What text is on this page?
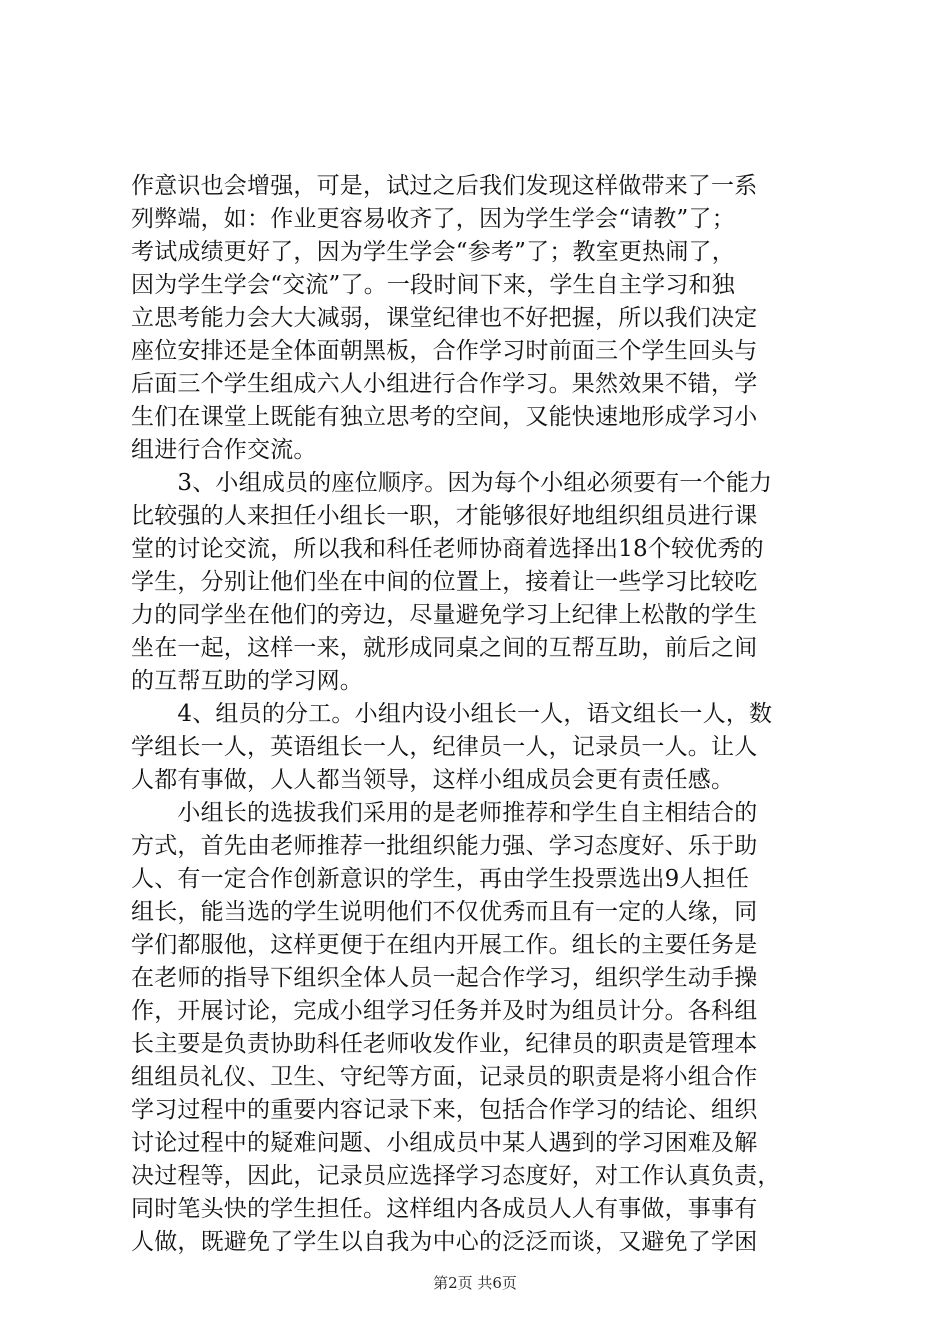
作意识也会增强，可是，试过之后我们发现这样做带来了一系
列弊端，如：作业更容易收齐了，因为学生学会“请教”了；
考试成绩更好了，因为学生学会“参考”了；教室更热闹了，
因为学生学会“交流”了。一段时间下来，学生自主学习和独
立思考能力会大大减弱，课堂纪律也不好把握，所以我们决定
座位安排还是全体面朝黑板，合作学习时前面三个学生回头与
后面三个学生组成六人小组进行合作学习。果然效果不错，学
生们在课堂上既能有独立思考的空间，又能快速地形成学习小
组进行合作交流。
　　3、小组成员的座位顺序。因为每个小组必须要有一个能力
比较强的人来担任小组长一职，才能够很好地组织组员进行课
堂的讨论交流，所以我和科任老师协商着选择出18个较优秀的
学生，分别让他们坐在中间的位置上，接着让一些学习比较吃
力的同学坐在他们的旁边，尽量避免学习上纪律上松散的学生
坐在一起，这样一来，就形成同桌之间的互帮互助，前后之间
的互帮互助的学习网。
　　4、组员的分工。小组内设小组长一人，语文组长一人，数
学组长一人，英语组长一人，纪律员一人，记录员一人。让人
人都有事做，人人都当领导，这样小组成员会更有责任感。
　　小组长的选拔我们采用的是老师推荐和学生自主相结合的
方式，首先由老师推荐一批组织能力强、学习态度好、乐于助
人、有一定合作创新意识的学生，再由学生投票选出9人担任
组长，能当选的学生说明他们不仅优秀而且有一定的人缘，同
学们都服他，这样更便于在组内开展工作。组长的主要任务是
在老师的指导下组织全体人员一起合作学习，组织学生动手操
作，开展讨论，完成小组学习任务并及时为组员计分。各科组
长主要是负责协助科任老师收发作业，纪律员的职责是管理本
组组员礼仪、卫生、守纪等方面，记录员的职责是将小组合作
学习过程中的重要内容记录下来，包括合作学习的结论、组织
讨论过程中的疑难问题、小组成员中某人遇到的学习困难及解
决过程等，因此，记录员应选择学习态度好，对工作认真负责，
同时笔头快的学生担任。这样组内各成员人人有事做，事事有
人做，既避免了学生以自我为中心的泛泛而谈，又避免了学困
第2页 共6页
